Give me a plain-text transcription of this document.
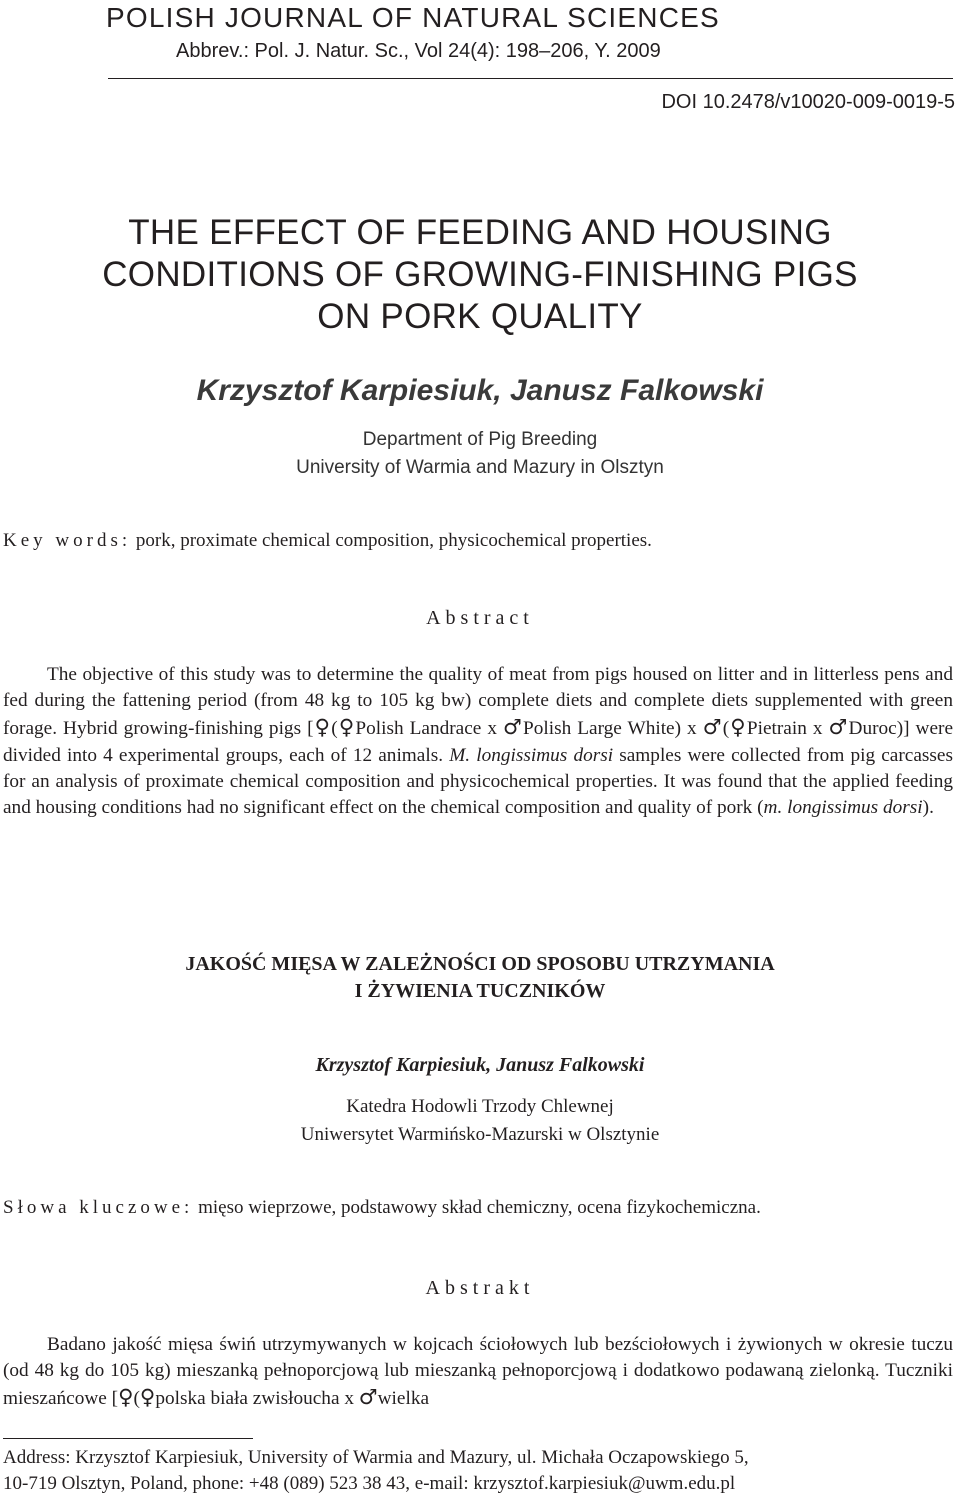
POLISH JOURNAL OF NATURAL SCIENCES
Abbrev.: Pol. J. Natur. Sc., Vol 24(4): 198–206, Y. 2009
DOI 10.2478/v10020-009-0019-5
THE EFFECT OF FEEDING AND HOUSING
CONDITIONS OF GROWING-FINISHING PIGS
ON PORK QUALITY
Krzysztof Karpiesiuk, Janusz Falkowski
Department of Pig Breeding
University of Warmia and Mazury in Olsztyn
Key words: pork, proximate chemical composition, physicochemical properties.
Abstract
The objective of this study was to determine the quality of meat from pigs housed on litter and in litterless pens and fed during the fattening period (from 48 kg to 105 kg bw) complete diets and complete diets supplemented with green forage. Hybrid growing-finishing pigs [♀(♀Polish Landrace x ♂Polish Large White) x ♂(♀Pietrain x ♂Duroc)] were divided into 4 experimental groups, each of 12 animals. M. longissimus dorsi samples were collected from pig carcasses for an analysis of proximate chemical composition and physicochemical properties. It was found that the applied feeding and housing conditions had no significant effect on the chemical composition and quality of pork (m. longissimus dorsi).
JAKOŚĆ MIĘSA W ZALEŻNOŚCI OD SPOSOBU UTRZYMANIA
I ŻYWIENIA TUCZNIKÓW
Krzysztof Karpiesiuk, Janusz Falkowski
Katedra Hodowli Trzody Chlewnej
Uniwersytet Warmińsko-Mazurski w Olsztynie
Słowa kluczowe: mięso wieprzowe, podstawowy skład chemiczny, ocena fizykochemiczna.
Abstrakt
Badano jakość mięsa świń utrzymywanych w kojcach ściołowych lub bezściołowych i żywionych w okresie tuczu (od 48 kg do 105 kg) mieszanką pełnoporcjową lub mieszanką pełnoporcjową i dodatkowo podawaną zielonką. Tuczniki mieszańcowe [♀(♀polska biała zwisłoucha x ♂wielka
Address: Krzysztof Karpiesiuk, University of Warmia and Mazury, ul. Michała Oczapowskiego 5,
10-719 Olsztyn, Poland, phone: +48 (089) 523 38 43, e-mail: krzysztof.karpiesiuk@uwm.edu.pl
